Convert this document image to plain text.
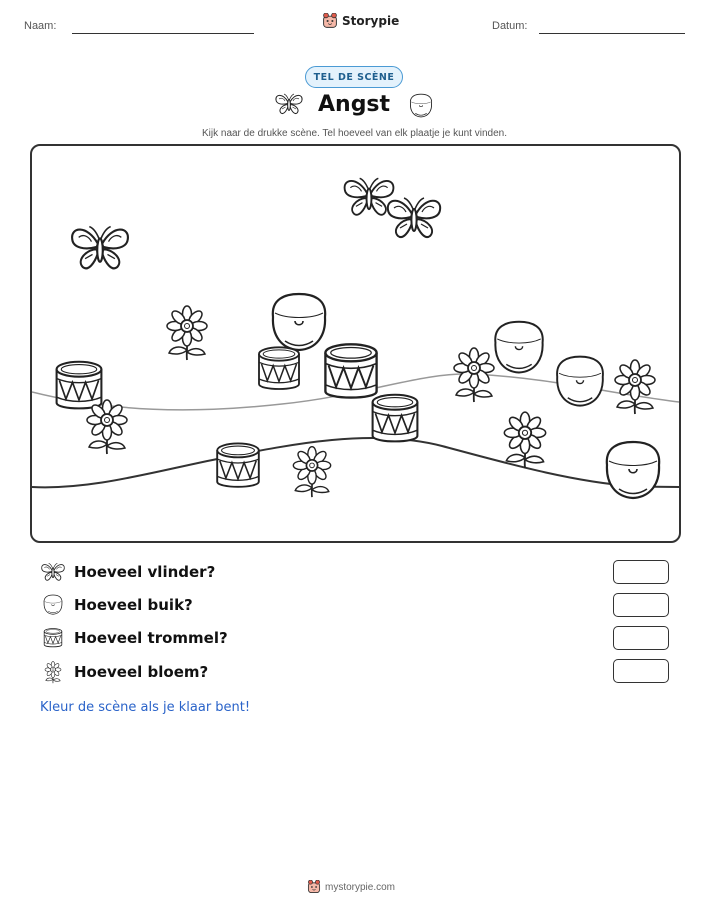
Naam:	Storypie	Datum:
TEL DE SCÈNE
Angst
Kijk naar de drukke scène. Tel hoeveel van elk plaatje je kunt vinden.
Hoeveel vlinder?
Hoeveel buik?
Hoeveel trommel?
Hoeveel bloem?
Kleur de scène als je klaar bent!
mystorypie.com
